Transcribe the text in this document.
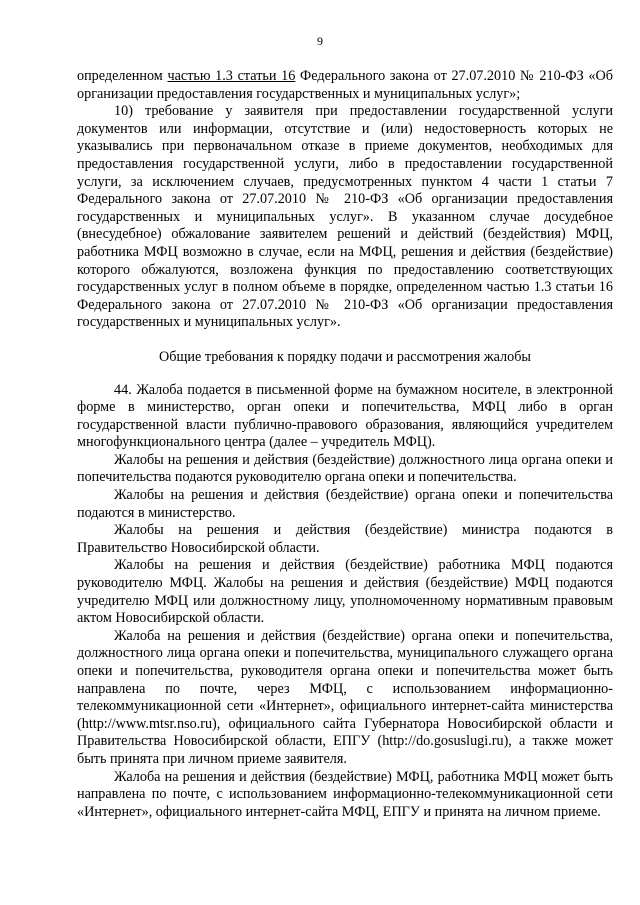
9

определенном частью 1.3 статьи 16 Федерального закона от 27.07.2010 № 210-ФЗ «Об организации предоставления государственных и муниципальных услуг»;

10) требование у заявителя при предоставлении государственной услуги документов или информации, отсутствие и (или) недостоверность которых не указывались при первоначальном отказе в приеме документов, необходимых для предоставления государственной услуги, либо в предоставлении государственной услуги, за исключением случаев, предусмотренных пунктом 4 части 1 статьи 7 Федерального закона от 27.07.2010 № 210-ФЗ «Об организации предоставления государственных и муниципальных услуг». В указанном случае досудебное (внесудебное) обжалование заявителем решений и действий (бездействия) МФЦ, работника МФЦ возможно в случае, если на МФЦ, решения и действия (бездействие) которого обжалуются, возложена функция по предоставлению соответствующих государственных услуг в полном объеме в порядке, определенном частью 1.3 статьи 16 Федерального закона от 27.07.2010 № 210-ФЗ «Об организации предоставления государственных и муниципальных услуг».

Общие требования к порядку подачи и рассмотрения жалобы

44. Жалоба подается в письменной форме на бумажном носителе, в электронной форме в министерство, орган опеки и попечительства, МФЦ либо в орган государственной власти публично-правового образования, являющийся учредителем многофункционального центра (далее – учредитель МФЦ).

Жалобы на решения и действия (бездействие) должностного лица органа опеки и попечительства подаются руководителю органа опеки и попечительства.

Жалобы на решения и действия (бездействие) органа опеки и попечительства подаются в министерство.

Жалобы на решения и действия (бездействие) министра подаются в Правительство Новосибирской области.

Жалобы на решения и действия (бездействие) работника МФЦ подаются руководителю МФЦ. Жалобы на решения и действия (бездействие) МФЦ подаются учредителю МФЦ или должностному лицу, уполномоченному нормативным правовым актом Новосибирской области.

Жалоба на решения и действия (бездействие) органа опеки и попечительства, должностного лица органа опеки и попечительства, муниципального служащего органа опеки и попечительства, руководителя органа опеки и попечительства может быть направлена по почте, через МФЦ, с использованием информационно-телекоммуникационной сети «Интернет», официального интернет-сайта министерства (http://www.mtsr.nso.ru), официального сайта Губернатора Новосибирской области и Правительства Новосибирской области, ЕПГУ (http://do.gosuslugi.ru), а также может быть принята при личном приеме заявителя.

Жалоба на решения и действия (бездействие) МФЦ, работника МФЦ может быть направлена по почте, с использованием информационно-телекоммуникационной сети «Интернет», официального интернет-сайта МФЦ, ЕПГУ и принята на личном приеме.
